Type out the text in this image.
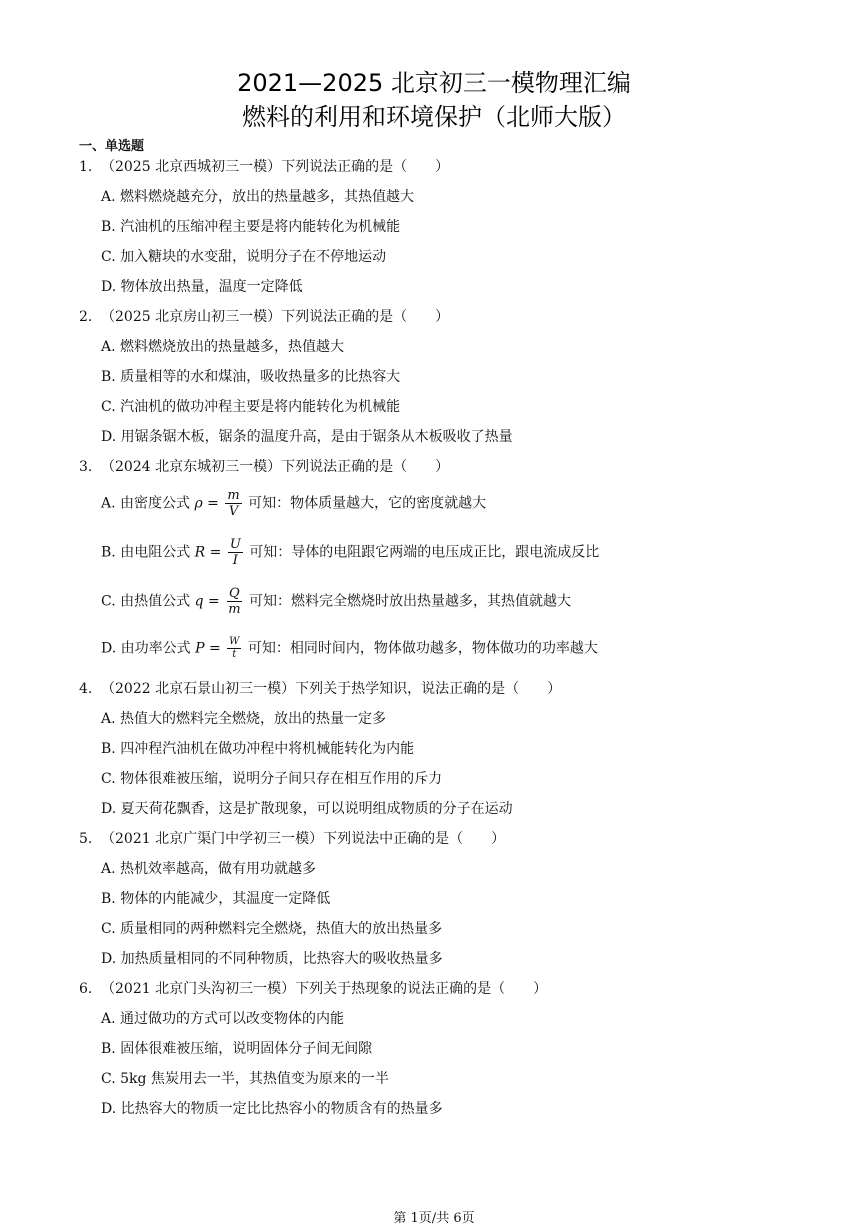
2021—2025 北京初三一模物理汇编
燃料的利用和环境保护（北师大版）
一、单选题
1. （2025 北京西城初三一模）下列说法正确的是（　　）
A. 燃料燃烧越充分，放出的热量越多，其热值越大
B. 汽油机的压缩冲程主要是将内能转化为机械能
C. 加入糖块的水变甜，说明分子在不停地运动
D. 物体放出热量，温度一定降低
2. （2025 北京房山初三一模）下列说法正确的是（　　）
A. 燃料燃烧放出的热量越多，热值越大
B. 质量相等的水和煤油，吸收热量多的比热容大
C. 汽油机的做功冲程主要是将内能转化为机械能
D. 用锯条锯木板，锯条的温度升高，是由于锯条从木板吸收了热量
3. （2024 北京东城初三一模）下列说法正确的是（　　）
A. 由密度公式 $\rho = \frac{m}{V}$ 可知：物体质量越大，它的密度就越大
B. 由电阻公式 $R = \frac{U}{I}$ 可知：导体的电阻跟它两端的电压成正比，跟电流成反比
C. 由热值公式 $q = \frac{Q}{m}$ 可知：燃料完全燃烧时放出热量越多，其热值就越大
D. 由功率公式 $P = \frac{W}{t}$ 可知：相同时间内，物体做功越多，物体做功的功率越大
4. （2022 北京石景山初三一模）下列关于热学知识，说法正确的是（　　）
A. 热值大的燃料完全燃烧，放出的热量一定多
B. 四冲程汽油机在做功冲程中将机械能转化为内能
C. 物体很难被压缩，说明分子间只存在相互作用的斥力
D. 夏天荷花飘香，这是扩散现象，可以说明组成物质的分子在运动
5. （2021 北京广渠门中学初三一模）下列说法中正确的是（　　）
A. 热机效率越高，做有用功就越多
B. 物体的内能减少，其温度一定降低
C. 质量相同的两种燃料完全燃烧，热值大的放出热量多
D. 加热质量相同的不同种物质，比热容大的吸收热量多
6. （2021 北京门头沟初三一模）下列关于热现象的说法正确的是（　　）
A. 通过做功的方式可以改变物体的内能
B. 固体很难被压缩，说明固体分子间无间隙
C. 5kg 焦炭用去一半，其热值变为原来的一半
D. 比热容大的物质一定比比热容小的物质含有的热量多
第 1页/共 6页
